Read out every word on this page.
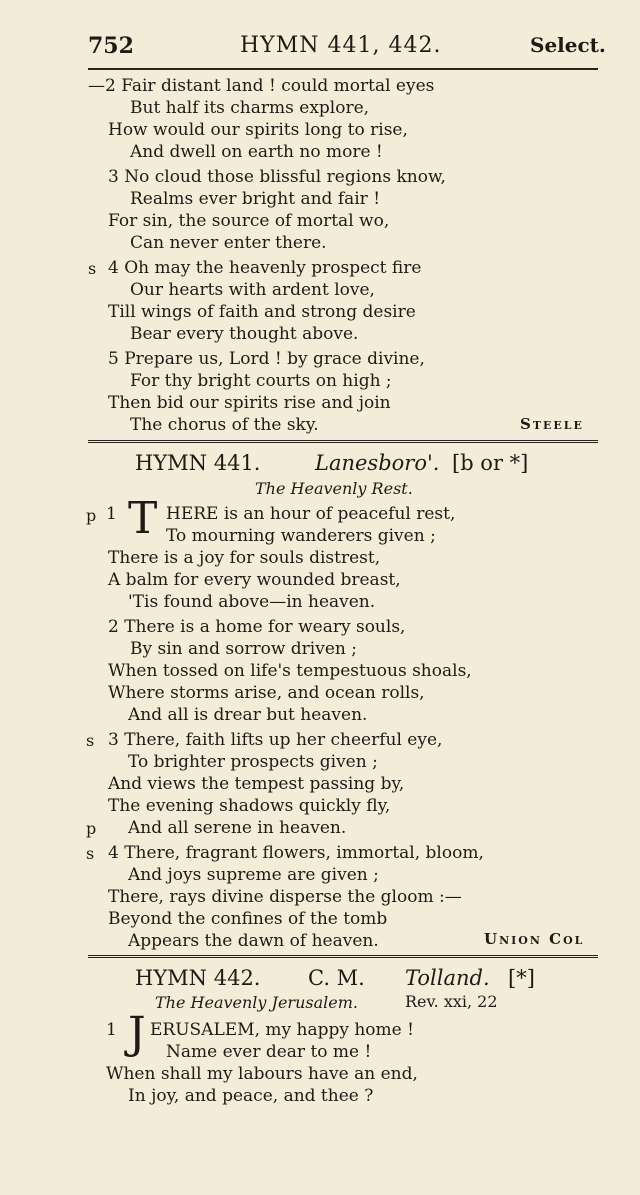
752	HYMN 441, 442.	Select.
—2 Fair distant land ! could mortal eyes
But half its charms explore,
How would our spirits long to rise,
And dwell on earth no more !
3 No cloud those blissful regions know,
Realms ever bright and fair !
For sin, the source of mortal wo,
Can never enter there.
s 4 Oh may the heavenly prospect fire
Our hearts with ardent love,
Till wings of faith and strong desire
Bear every thought above.
5 Prepare us, Lord ! by grace divine,
For thy bright courts on high ;
Then bid our spirits rise and join
The chorus of the sky.	Steele
HYMN 441.	Lanesboro'. [b or *]
The Heavenly Rest.
p 1 T HERE is an hour of peaceful rest,
To mourning wanderers given ;
There is a joy for souls distrest,
A balm for every wounded breast,
'Tis found above—in heaven.
2 There is a home for weary souls,
By sin and sorrow driven ;
When tossed on life's tempestuous shoals,
Where storms arise, and ocean rolls,
And all is drear but heaven.
s 3 There, faith lifts up her cheerful eye,
To brighter prospects given ;
And views the tempest passing by,
The evening shadows quickly fly,
p And all serene in heaven.
s 4 There, fragrant flowers, immortal, bloom,
And joys supreme are given ;
There, rays divine disperse the gloom :—
Beyond the confines of the tomb
Appears the dawn of heaven.	Union Col
HYMN 442. C. M. Tolland. [*]
The Heavenly Jerusalem.	Rev. xxi, 22
1 J ERUSALEM, my happy home !
Name ever dear to me !
When shall my labours have an end,
In joy, and peace, and thee ?
